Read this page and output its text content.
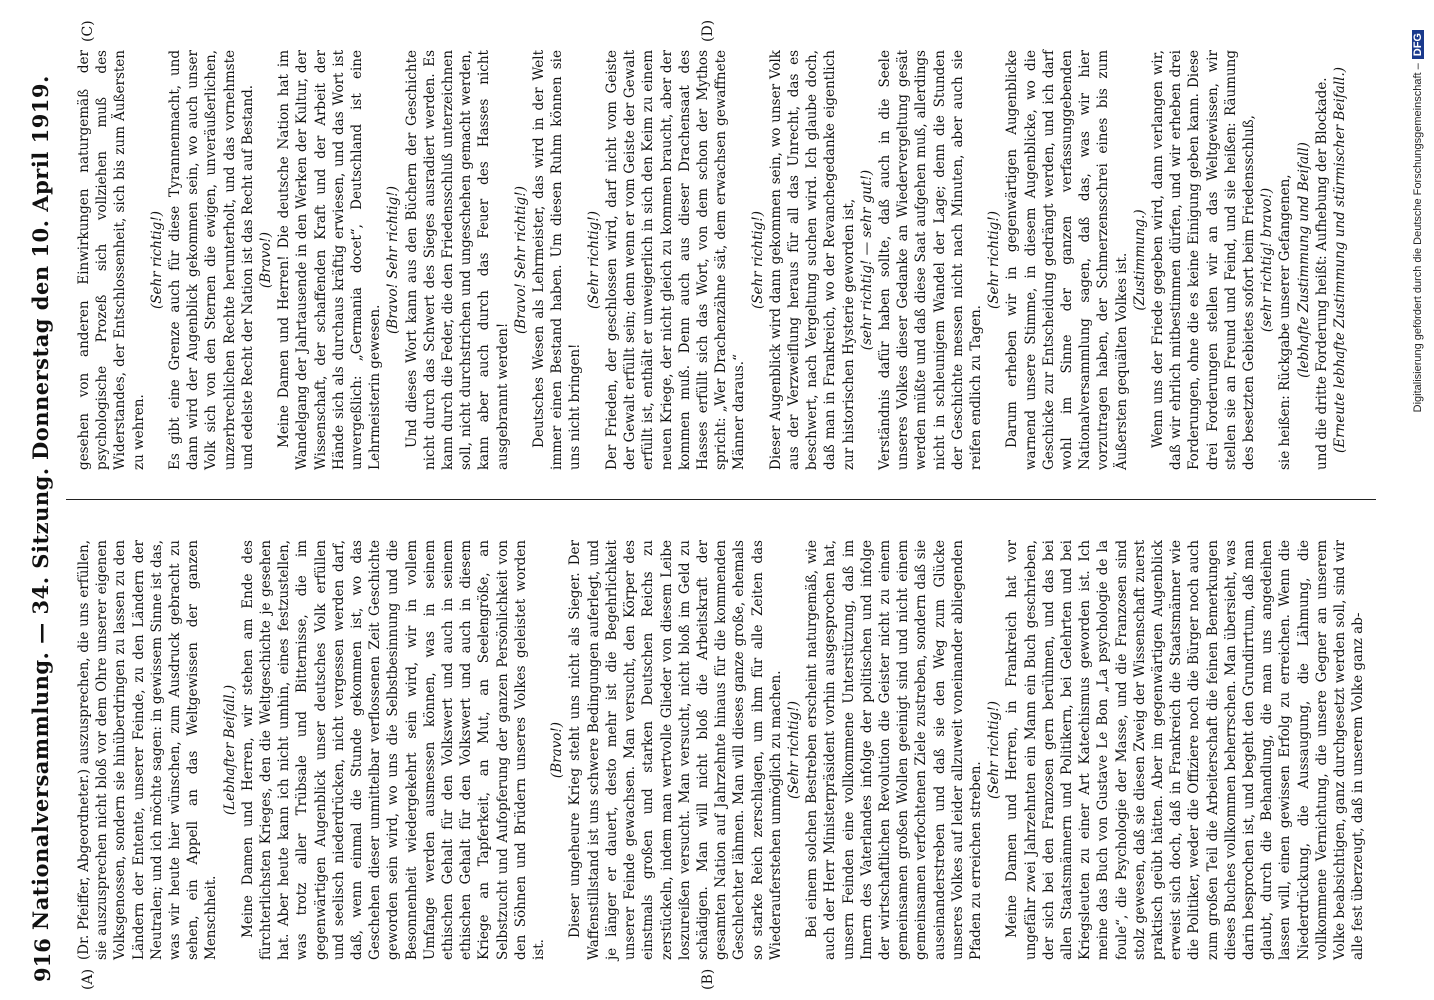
916
Nationalversammlung. — 34. Sitzung.
Donnerstag den 10. April 1919.
(A)	(B)
(C)	(D)

(Dr. Pfeiffer, Abgeordneter.) auszusprechen, die uns erfüllen, sie auszusprechen nicht bloß vor dem Ohre unserer eigenen Volksgenossen, sondern sie hinüberdringen zu lassen zu den Ländern der Entente, unserer Feinde, zu den Ländern der Neutralen; und ich möchte sagen: in gewissem Sinne ist das, was wir heute hier wünschen, zum Ausdruck gebracht zu sehen, ein Appell an das Weltgewissen der ganzen Menschheit.

(Lebhafter Beifall.) Meine Damen und Herren, wir stehen am Ende des fürchterlichsten Krieges, den die Weltgeschichte je gesehen hat. Aber heute kann ich nicht umhin, eines festzustellen, was trotz aller Trübsale und Bitternisse, die im gegenwärtigen Augenblick unser deutsches Volk erfüllen und seelisch niederdrücken, nicht vergessen werden darf, daß, wenn einmal die Stunde gekommen ist, wo das Geschehen dieser unmittelbar verflossenen Zeit Geschichte geworden sein wird, wo uns die Selbstbesinnung und die Besonnenheit wiedergekehrt sein wird, wir in vollem Umfange werden ausmessen können, was in seinem ethischen Gehalt für den Volkswert und auch in seinem ethischen Gehalt für den Volkswert und auch in diesem Kriege an Tapferkeit, an Mut, an Seelengröße, an Selbstzucht und Aufopferung der ganzen Persönlichkeit von den Söhnen und Brüdern unseres Volkes geleistet worden ist.

(Bravo!) Dieser ungeheure Krieg steht uns nicht als Sieger. Der Waffenstillstand ist uns schwere Bedingungen auferlegt, und je länger er dauert, desto mehr ist die Begehrlichkeit unserer Feinde gewachsen. Man versucht, den Körper des einstmals großen und starken Deutschen Reichs zu zerstückeln, indem man wertvolle Glieder von diesem Leibe loszureißen versucht. Man versucht, nicht bloß im Geld zu schädigen. Man will nicht bloß die Arbeitskraft der gesamten Nation auf Jahrzehnte hinaus für die kommenden Geschlechter lähmen. Man will dieses ganze große, ehemals so starke Reich zerschlagen, um ihm für alle Zeiten das Wiederauferstehen unmöglich zu machen. (Sehr richtig!) Bei einem solchen Bestreben erscheint naturgemäß, wie auch der Herr Ministerpräsident vorhin ausgesprochen hat, unsern Feinden eine vollkommene Unterstützung, daß im Innern des Vaterlandes infolge der politischen und infolge der wirtschaftlichen Revolution die Geister nicht zu einem gemeinsamen großen Wollen geeinigt sind und nicht einem gemeinsamen verfochtenen Ziele zustreben, sondern daß sie auseinanderstreben und daß sie den Weg zum Glücke unseres Volkes auf leider allzuweit voneinander abliegenden Pfaden zu erreichen streben.

(Sehr richtig!) Meine Damen und Herren, in Frankreich hat vor ungefähr zwei Jahrzehnten ein Mann ein Buch geschrieben, der sich bei den Franzosen gern berühmen, und das bei allen Staatsmännern und Politikern, bei Gelehrten und bei Kriegsleuten zu einer Art Katechismus geworden ist. Ich meine das Buch von Gustave Le Bon „La psychologie de la foule“, die Psychologie der Masse, und die Franzosen sind stolz gewesen, daß sie diesen Zweig der Wissenschaft zuerst praktisch geübt hätten. Aber im gegenwärtigen Augenblick erweist sich doch, daß in Frankreich die Staatsmänner wie die Politiker, weder die Offiziere noch die Bürger noch auch zum großen Teil die Arbeiterschaft die feinen Bemerkungen dieses Buches vollkommen beherrschen. Man übersieht, was darin besprochen ist, und begeht den Grundirrtum, daß man glaubt, durch die Behandlung, die man uns angedeihen lassen will, einen gewissen Erfolg zu erreichen. Wenn die Niederdrückung, die Aussaugung, die Lähmung, die vollkommene Vernichtung, die unsere Gegner an unserem Volke beabsichtigen, ganz durchgesetzt werden soll, sind wir alle fest überzeugt, daß in unserem Volke ganz ab-

gesehen von anderen Einwirkungen naturgemäß der psychologische Prozeß sich vollziehen muß des Widerstandes, der Entschlossenheit, sich bis zum Äußersten zu wehren.

(Sehr richtig!) Es gibt eine Grenze auch für diese Tyrannenmacht, und dann wird der Augenblick gekommen sein, wo auch unser Volk sich von den Sternen die ewigen, unveräußerlichen, unzerbrechlichen Rechte herunterholt, und das vornehmste und edelste Recht der Nation ist das Recht auf Bestand. (Bravo!) Meine Damen und Herren! Die deutsche Nation hat im Wandelgang der Jahrtausende in den Werken der Kultur, der Wissenschaft, der schaffenden Kraft und der Arbeit der Hände sich als durchaus kräftig erwiesen, und das Wort ist unvergeßlich: „Germania docet“, Deutschland ist eine Lehrmeisterin gewesen.

(Bravo! Sehr richtig!) Und dieses Wort kann aus den Büchern der Geschichte nicht durch das Schwert des Sieges ausradiert werden. Es kann durch die Feder, die den Friedensschluß unterzeichnen soll, nicht durchstrichen und ungeschehen gemacht werden, kann aber auch durch das Feuer des Hasses nicht ausgebrannt werden!

(Bravo! Sehr richtig!) Deutsches Wesen als Lehrmeister, das wird in der Welt immer einen Bestand haben. Um diesen Ruhm können sie uns nicht bringen!

(Sehr richtig!) Der Frieden, der geschlossen wird, darf nicht vom Geiste der Gewalt erfüllt sein; denn wenn er vom Geiste der Gewalt erfüllt ist, enthält er unweigerlich in sich den Keim zu einem neuen Kriege, der nicht gleich zu kommen braucht, aber der kommen muß. Denn auch aus dieser Drachensaat des Hasses erfüllt sich das Wort, von dem schon der Mythos spricht: „Wer Drachenzähne sät, dem erwachsen gewaffnete Männer daraus.“

(Sehr richtig!) Dieser Augenblick wird dann gekommen sein, wo unser Volk aus der Verzweiflung heraus für all das Unrecht, das es beschwert, nach Vergeltung suchen wird. Ich glaube doch, daß man in Frankreich, wo der Revanchegedanke eigentlich zur historischen Hysterie geworden ist, (sehr richtig! — sehr gut!) Verständnis dafür haben sollte, daß auch in die Seele unseres Volkes dieser Gedanke an Wiedervergeltung gesät werden müßte und daß diese Saat aufgehen muß, allerdings nicht in schleunigem Wandel der Lage; denn die Stunden der Geschichte messen nicht nach Minuten, aber auch sie reifen endlich zu Tagen.

(Sehr richtig!) Darum erheben wir in gegenwärtigen Augenblicke warnend unsere Stimme, in diesem Augenblicke, wo die Geschicke zur Entscheidung gedrängt werden, und ich darf wohl im Sinne der ganzen verfassunggebenden Nationalversammlung sagen, daß das, was wir hier vorzutragen haben, der Schmerzensschrei eines bis zum Äußersten gequälten Volkes ist. (Zustimmung.) Wenn uns der Friede gegeben wird, dann verlangen wir, daß wir ehrlich mitbestimmen dürfen, und wir erheben drei Forderungen, ohne die es keine Einigung geben kann. Diese drei Forderungen stellen wir an das Weltgewissen, wir stellen sie an Freund und Feind, und sie heißen: Räumung des besetzten Gebietes sofort beim Friedensschluß, (sehr richtig! bravo!) sie heißen: Rückgabe unserer Gefangenen, (lebhafte Zustimmung und Beifall) und die dritte Forderung heißt: Aufhebung der Blockade. (Erneute lebhafte Zustimmung und stürmischer Beifall.)	Digitalisierung gefördert durch die Deutsche Forschungsgemeinschaft –DFG
